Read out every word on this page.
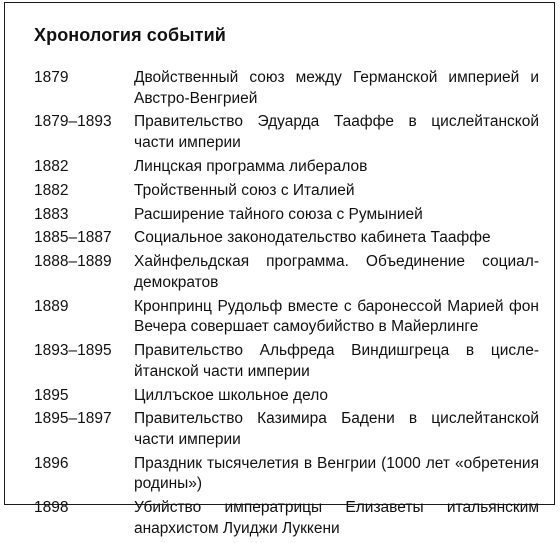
Хронология событий
1879	Двойственный союз между Германской империей и Австро-Венгрией
1879–1893	Правительство Эдуарда Тааффе в цислейтанской части империи
1882	Линцская программа либералов
1882	Тройственный союз с Италией
1883	Расширение тайного союза с Румынией
1885–1887	Социальное законодательство кабинета Тааффе
1888–1889	Хайнфельдская программа. Объединение социалдемократов
1889	Кронпринц Рудольф вместе с баронессой Марией фон Вечера совершает самоубийство в Майерлинге
1893–1895	Правительство Альфреда Виндишгреца в цислейтанской части империи
1895	Циллъское школьное дело
1895–1897	Правительство Казимира Бадени в цислейтанской части империи
1896	Праздник тысячелетия в Венгрии (1000 лет «обретения родины»)
1898	Убийство императрицы Елизаветы итальянским анархистом Луиджи Луккени
